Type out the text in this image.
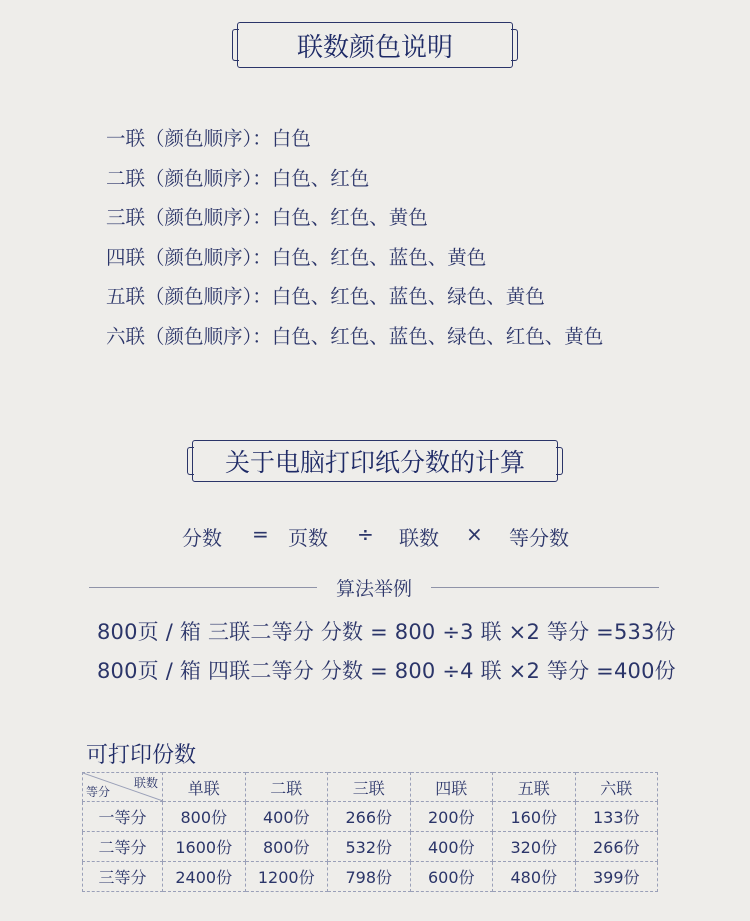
联数颜色说明
一联（颜色顺序）：白色
二联（颜色顺序）：白色、红色
三联（颜色顺序）：白色、红色、黄色
四联（颜色顺序）：白色、红色、蓝色、黄色
五联（颜色顺序）：白色、红色、蓝色、绿色、黄色
六联（颜色顺序）：白色、红色、蓝色、绿色、红色、黄色
关于电脑打印纸分数的计算
分数 = 页数 ÷ 联数 × 等分数
算法举例
800页 / 箱 三联二等分 分数 = 800 ÷3 联 ×2 等分 =533份
800页 / 箱 四联二等分 分数 = 800 ÷4 联 ×2 等分 =400份
可打印份数
联数
等分	单联	二联	三联	四联	五联	六联
一等分	800份	400份	266份	200份	160份	133份
二等分	1600份	800份	532份	400份	320份	266份
三等分	2400份	1200份	798份	600份	480份	399份
